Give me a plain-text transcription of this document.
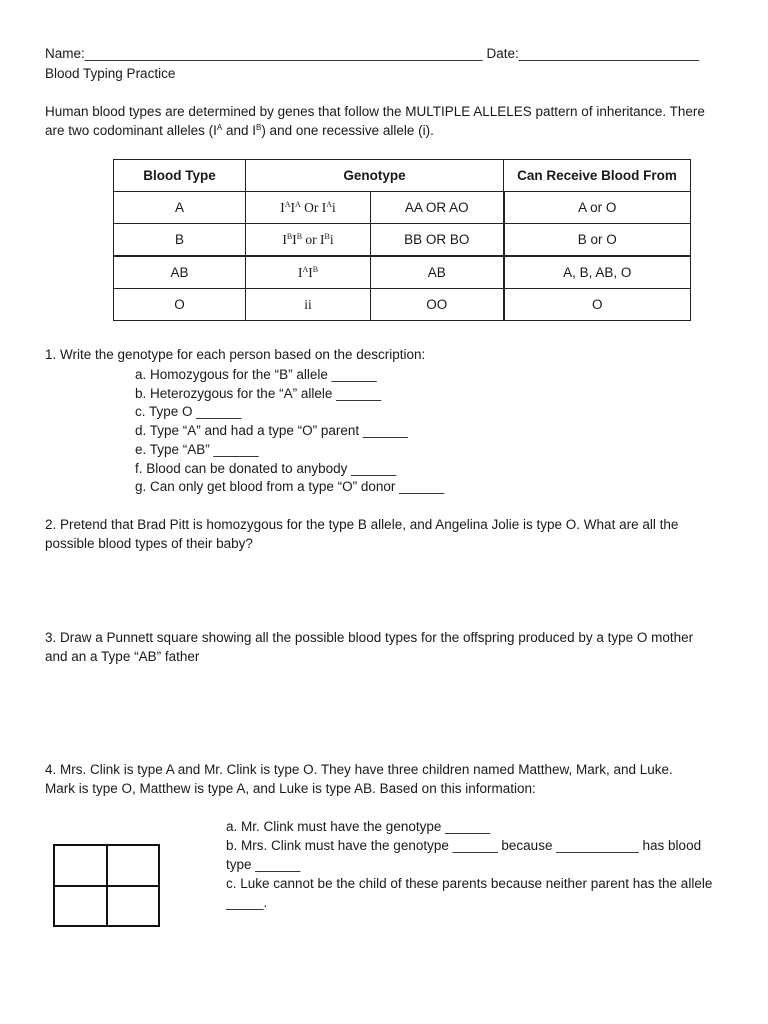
Name:_____________________________________________________ Date:________________________
Blood Typing Practice
Human blood types are determined by genes that follow the MULTIPLE ALLELES pattern of inheritance. There
are two codominant alleles ($I^A$ and $I^B$) and one recessive allele (i).
Blood Type	Genotype		Can Receive Blood From
A	$I^AI^A$ Or $I^Ai$	AA OR AO	A or O
B	$I^BI^B$ or $I^Bi$	BB OR BO	B or O
AB	$I^AI^B$	AB	A, B, AB, O
O	ii	OO	O
1. Write the genotype for each person based on the description:
a. Homozygous for the “B” allele ______
b. Heterozygous for the “A” allele ______
c. Type O ______
d. Type “A” and had a type “O” parent ______
e. Type “AB” ______
f. Blood can be donated to anybody ______
g. Can only get blood from a type “O” donor ______
2. Pretend that Brad Pitt is homozygous for the type B allele, and Angelina Jolie is type O. What are all the
possible blood types of their baby?
3. Draw a Punnett square showing all the possible blood types for the offspring produced by a type O mother
and an a Type “AB” father
4. Mrs. Clink is type A and Mr. Clink is type O. They have three children named Matthew, Mark, and Luke.
Mark is type O, Matthew is type A, and Luke is type AB. Based on this information:
a. Mr. Clink must have the genotype ______
b. Mrs. Clink must have the genotype ______ because ___________ has blood type ______
c. Luke cannot be the child of these parents because neither parent has the allele _____.
